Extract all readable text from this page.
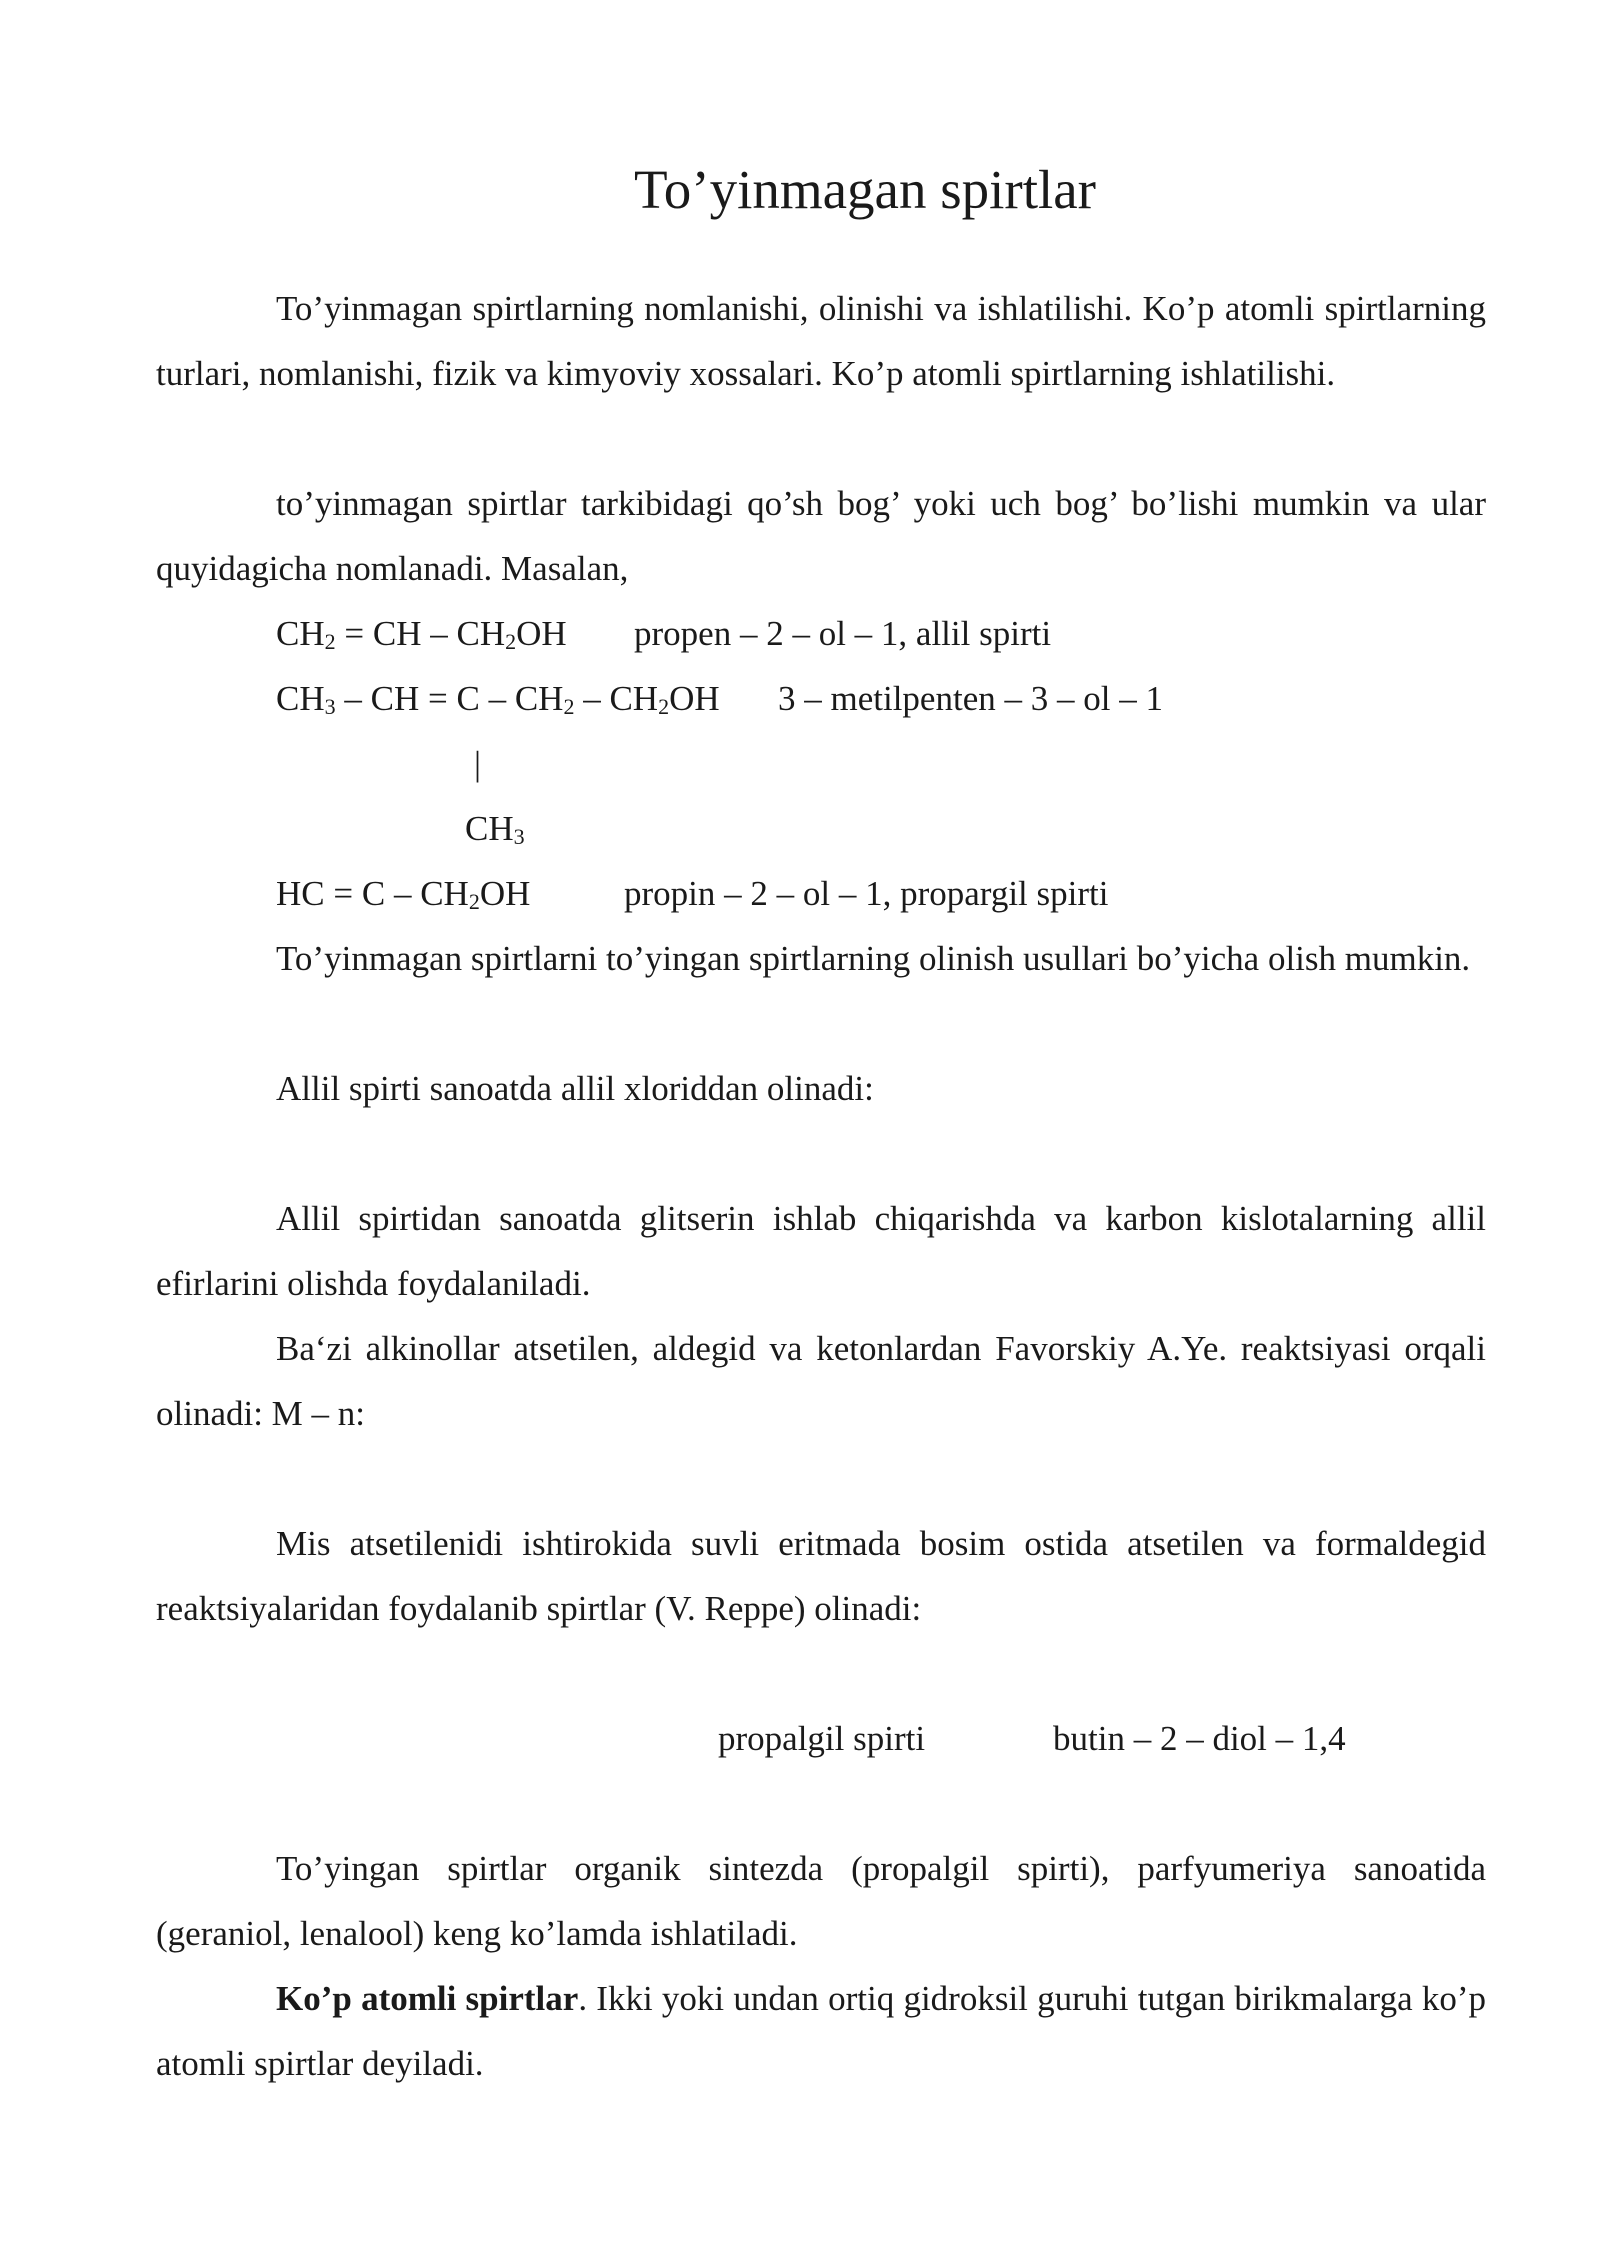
To’yinmagan spirtlar
To’yinmagan spirtlarning nomlanishi, olinishi va ishlatilishi. Ko’p atomli spirtlarning turlari, nomlanishi, fizik va kimyoviy xossalari. Ko’p atomli spirtlarning ishlatilishi.
to’yinmagan spirtlar tarkibidagi qo’sh bog’ yoki uch bog’ bo’lishi mumkin va ular quyidagicha nomlanadi. Masalan,
$CH_2$ = CH – $CH_2OH$ propen – 2 – ol – 1, allil spirti
$CH_3$ – CH = C – $CH_2 - CH_2OH$ 3 – metilpenten – 3 – ol – 1
|
$CH_3$
HC = C – $CH_2OH$	propin – 2 – ol – 1, propargil spirti
To’yinmagan spirtlarni to’yingan spirtlarning olinish usullari bo’yicha olish mumkin.
Allil spirti sanoatda allil xloriddan olinadi:
Allil spirtidan sanoatda glitserin ishlab chiqarishda va karbon kislotalarning allil efirlarini olishda foydalaniladi.
Ba‘zi alkinollar atsetilen, aldegid va ketonlardan Favorskiy A.Ye. reaktsiyasi orqali olinadi: M – n:
Mis atsetilenidi ishtirokida suvli eritmada bosim ostida atsetilen va formaldegid reaktsiyalaridan foydalanib spirtlar (V. Reppe) olinadi:
propalgil spirti	butin – 2 – diol – 1,4
To’yingan spirtlar organik sintezda (propalgil spirti), parfyumeriya sanoatida (geraniol, lenalool) keng ko’lamda ishlatiladi.
Ko’p atomli spirtlar. Ikki yoki undan ortiq gidroksil guruhi tutgan birikmalarga ko’p atomli spirtlar deyiladi.
